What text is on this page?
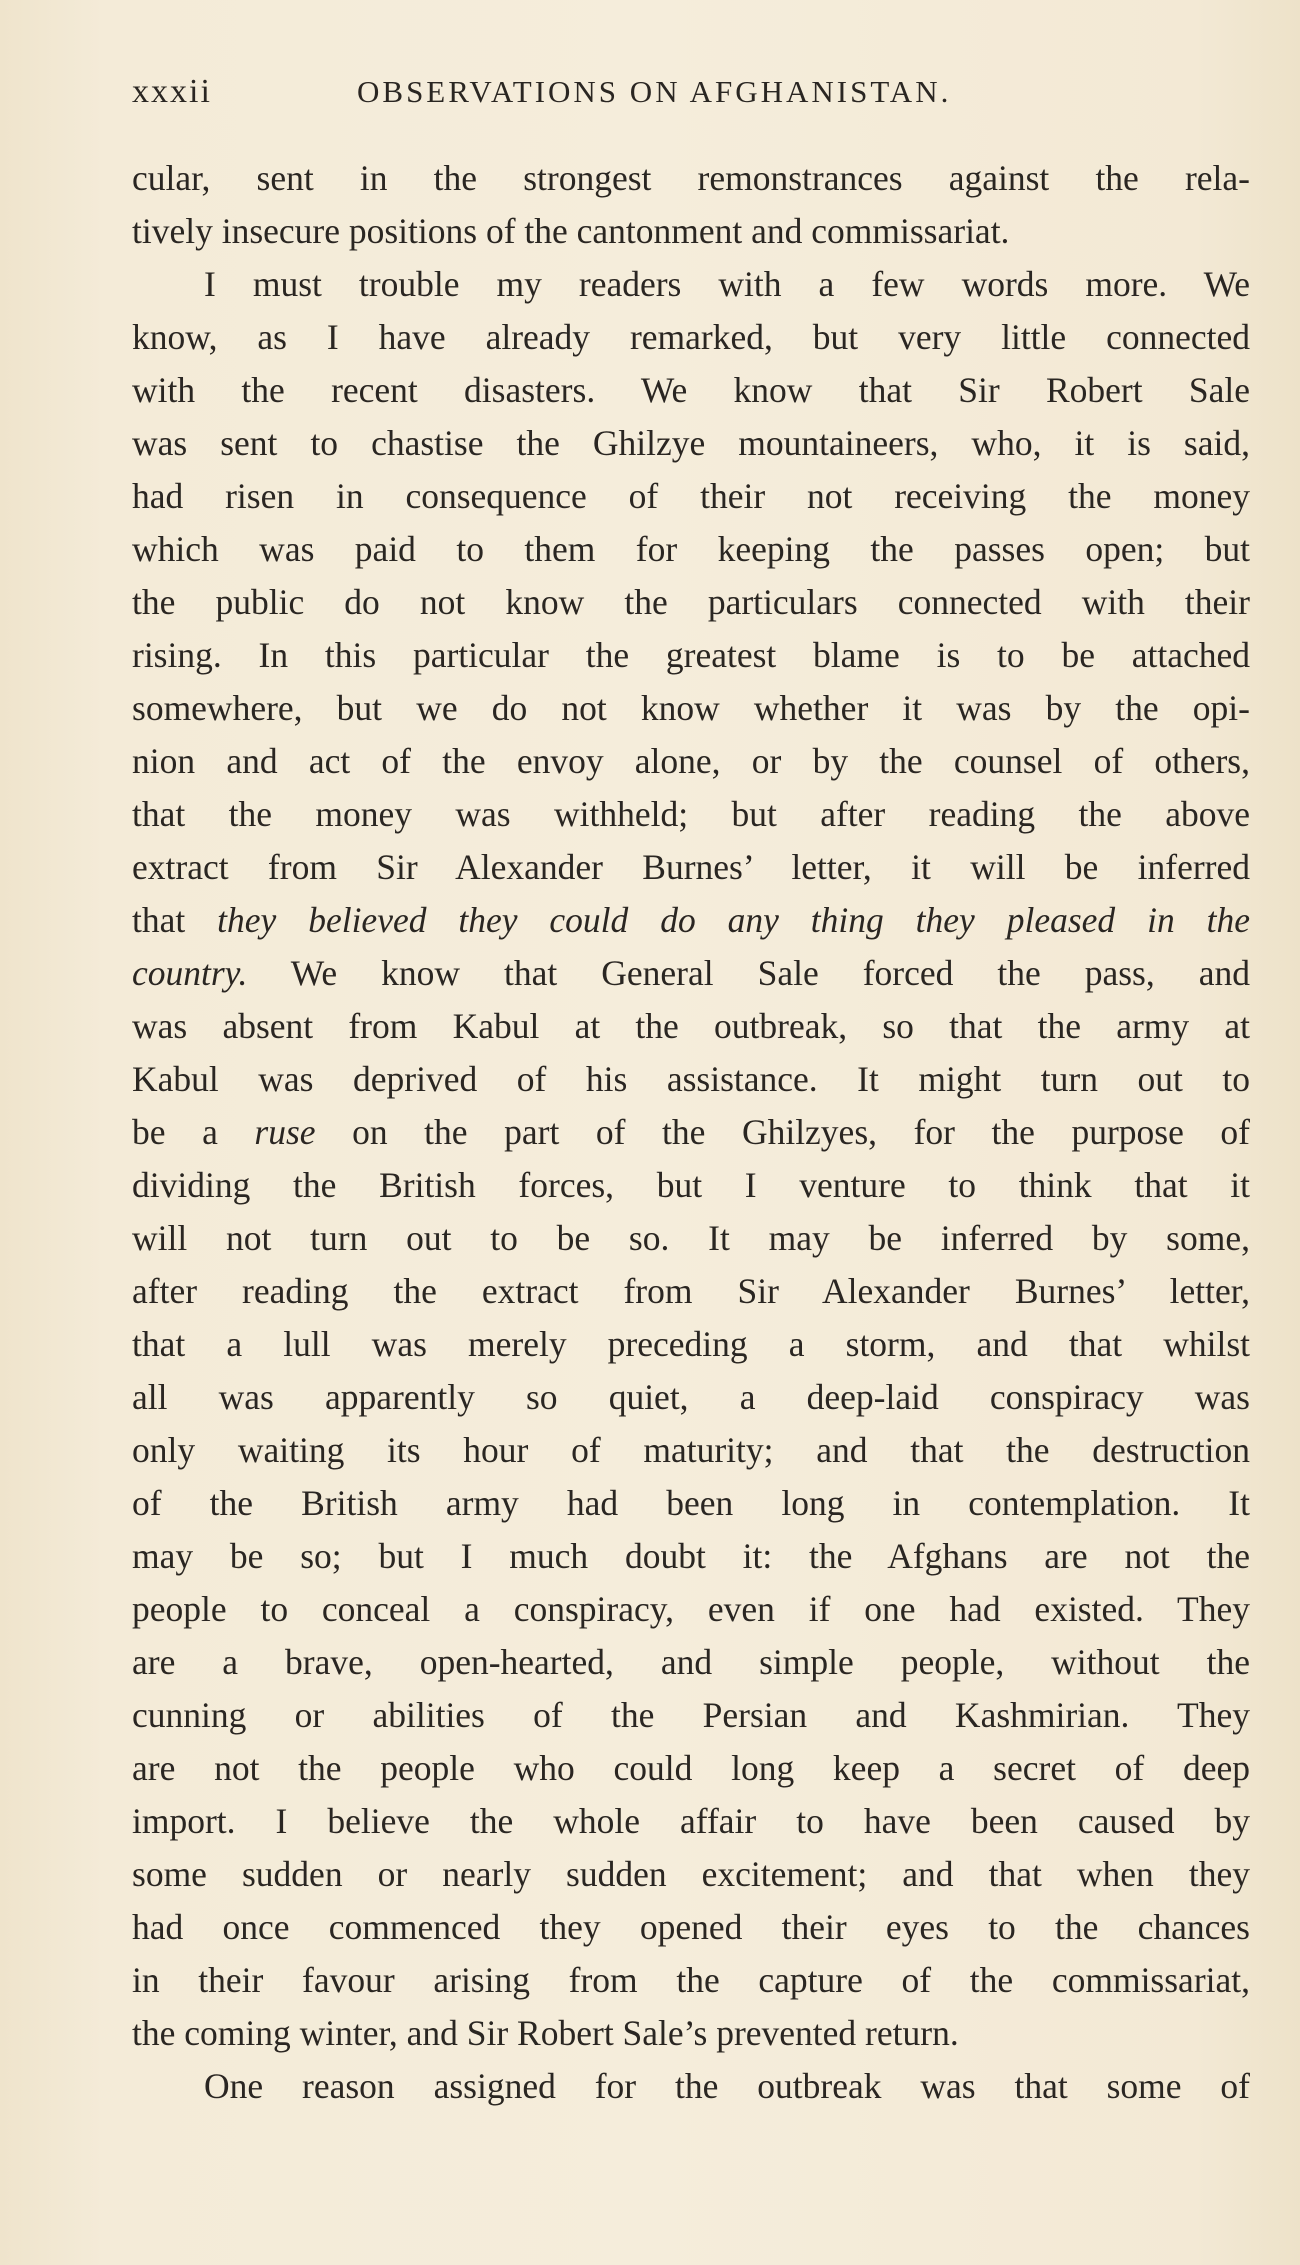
xxxii	OBSERVATIONS ON AFGHANISTAN.
cular, sent in the strongest remonstrances against the rela-
tively insecure positions of the cantonment and commissariat.
I must trouble my readers with a few words more. We
know, as I have already remarked, but very little connected
with the recent disasters. We know that Sir Robert Sale
was sent to chastise the Ghilzye mountaineers, who, it is said,
had risen in consequence of their not receiving the money
which was paid to them for keeping the passes open; but
the public do not know the particulars connected with their
rising. In this particular the greatest blame is to be attached
somewhere, but we do not know whether it was by the opi-
nion and act of the envoy alone, or by the counsel of others,
that the money was withheld; but after reading the above
extract from Sir Alexander Burnes’ letter, it will be inferred
that they believed they could do any thing they pleased in the
country. We know that General Sale forced the pass, and
was absent from Kabul at the outbreak, so that the army at
Kabul was deprived of his assistance. It might turn out to
be a ruse on the part of the Ghilzyes, for the purpose of
dividing the British forces, but I venture to think that it
will not turn out to be so. It may be inferred by some,
after reading the extract from Sir Alexander Burnes’ letter,
that a lull was merely preceding a storm, and that whilst
all was apparently so quiet, a deep-laid conspiracy was
only waiting its hour of maturity; and that the destruction
of the British army had been long in contemplation. It
may be so; but I much doubt it: the Afghans are not the
people to conceal a conspiracy, even if one had existed. They
are a brave, open-hearted, and simple people, without the
cunning or abilities of the Persian and Kashmirian. They
are not the people who could long keep a secret of deep
import. I believe the whole affair to have been caused by
some sudden or nearly sudden excitement; and that when they
had once commenced they opened their eyes to the chances
in their favour arising from the capture of the commissariat,
the coming winter, and Sir Robert Sale’s prevented return.
One reason assigned for the outbreak was that some of
